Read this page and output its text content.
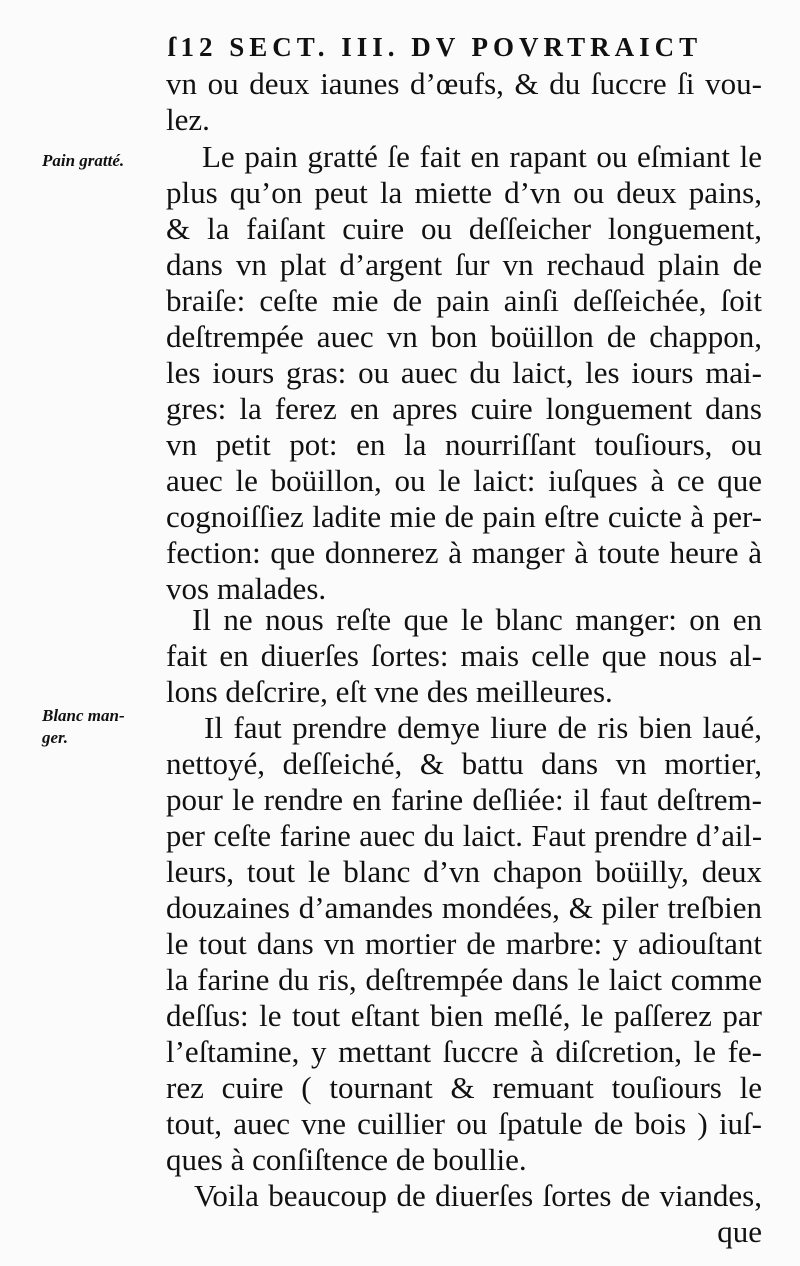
ſ12 SECT. III. DV POVRTRAICT
Pain gratté.
Blanc man-
ger.
vn ou deux iaunes d’œufs, & du ſuccre ſi vou-
lez.
Le pain gratté ſe fait en rapant ou eſmiant le
plus qu’on peut la miette d’vn ou deux pains,
& la faiſant cuire ou deſſeicher longuement,
dans vn plat d’argent ſur vn rechaud plain de
braiſe: ceſte mie de pain ainſi deſſeichée, ſoit
deſtrempée auec vn bon boüillon de chappon,
les iours gras: ou auec du laict, les iours mai-
gres: la ferez en apres cuire longuement dans
vn petit pot: en la nourriſſant touſiours, ou
auec le boüillon, ou le laict: iuſques à ce que
cognoiſſiez ladite mie de pain eſtre cuicte à per-
fection: que donnerez à manger à toute heure à
vos malades.
Il ne nous reſte que le blanc manger: on en
fait en diuerſes ſortes: mais celle que nous al-
lons deſcrire, eſt vne des meilleures.
Il faut prendre demye liure de ris bien laué,
nettoyé, deſſeiché, & battu dans vn mortier,
pour le rendre en farine deſliée: il faut deſtrem-
per ceſte farine auec du laict. Faut prendre d’ail-
leurs, tout le blanc d’vn chapon boüilly, deux
douzaines d’amandes mondées, & piler treſbien
le tout dans vn mortier de marbre: y adiouſtant
la farine du ris, deſtrempée dans le laict comme
deſſus: le tout eſtant bien meſlé, le paſſerez par
l’eſtamine, y mettant ſuccre à diſcretion, le fe-
rez cuire ( tournant & remuant touſiours le
tout, auec vne cuillier ou ſpatule de bois ) iuſ-
ques à conſiſtence de boullie.
Voila beaucoup de diuerſes ſortes de viandes,
que
